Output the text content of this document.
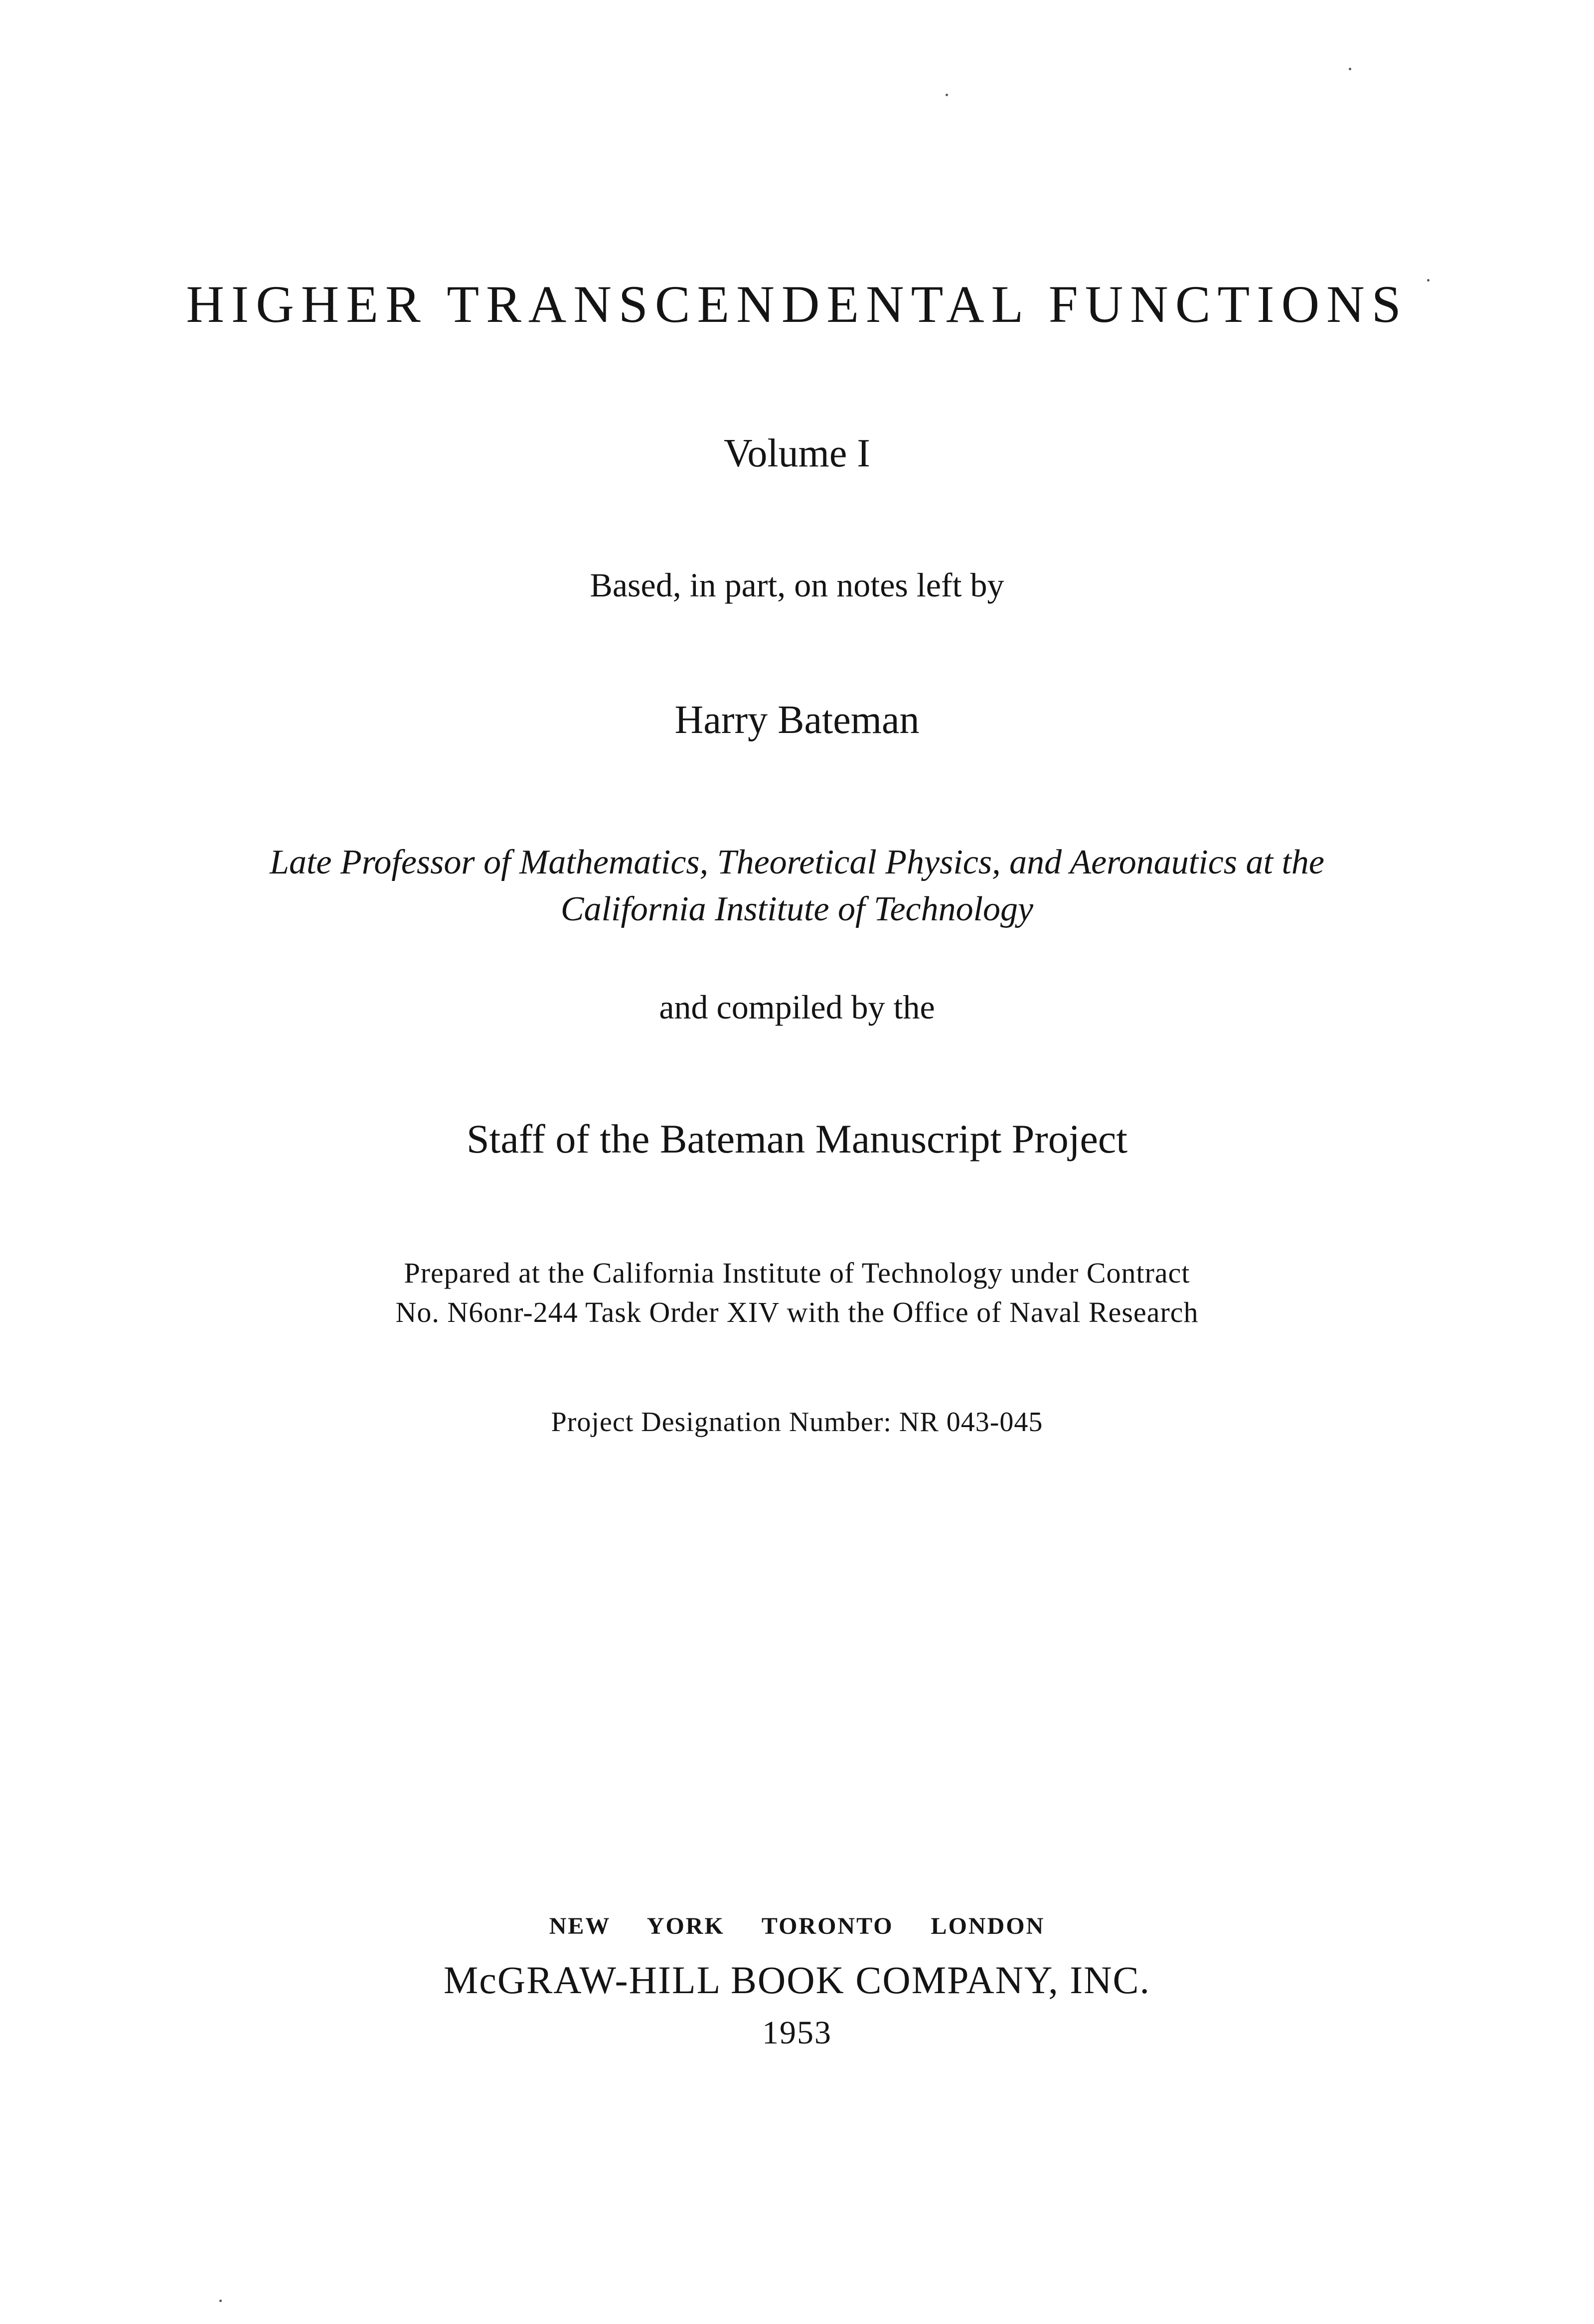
HIGHER TRANSCENDENTAL FUNCTIONS
Volume I
Based, in part, on notes left by
Harry Bateman
Late Professor of Mathematics, Theoretical Physics, and Aeronautics at the
California Institute of Technology
and compiled by the
Staff of the Bateman Manuscript Project
Prepared at the California Institute of Technology under Contract
No. N6onr-244 Task Order XIV with the Office of Naval Research
Project Designation Number: NR 043-045
NEW YORK TORONTO LONDON
McGRAW-HILL BOOK COMPANY, INC.
1953
